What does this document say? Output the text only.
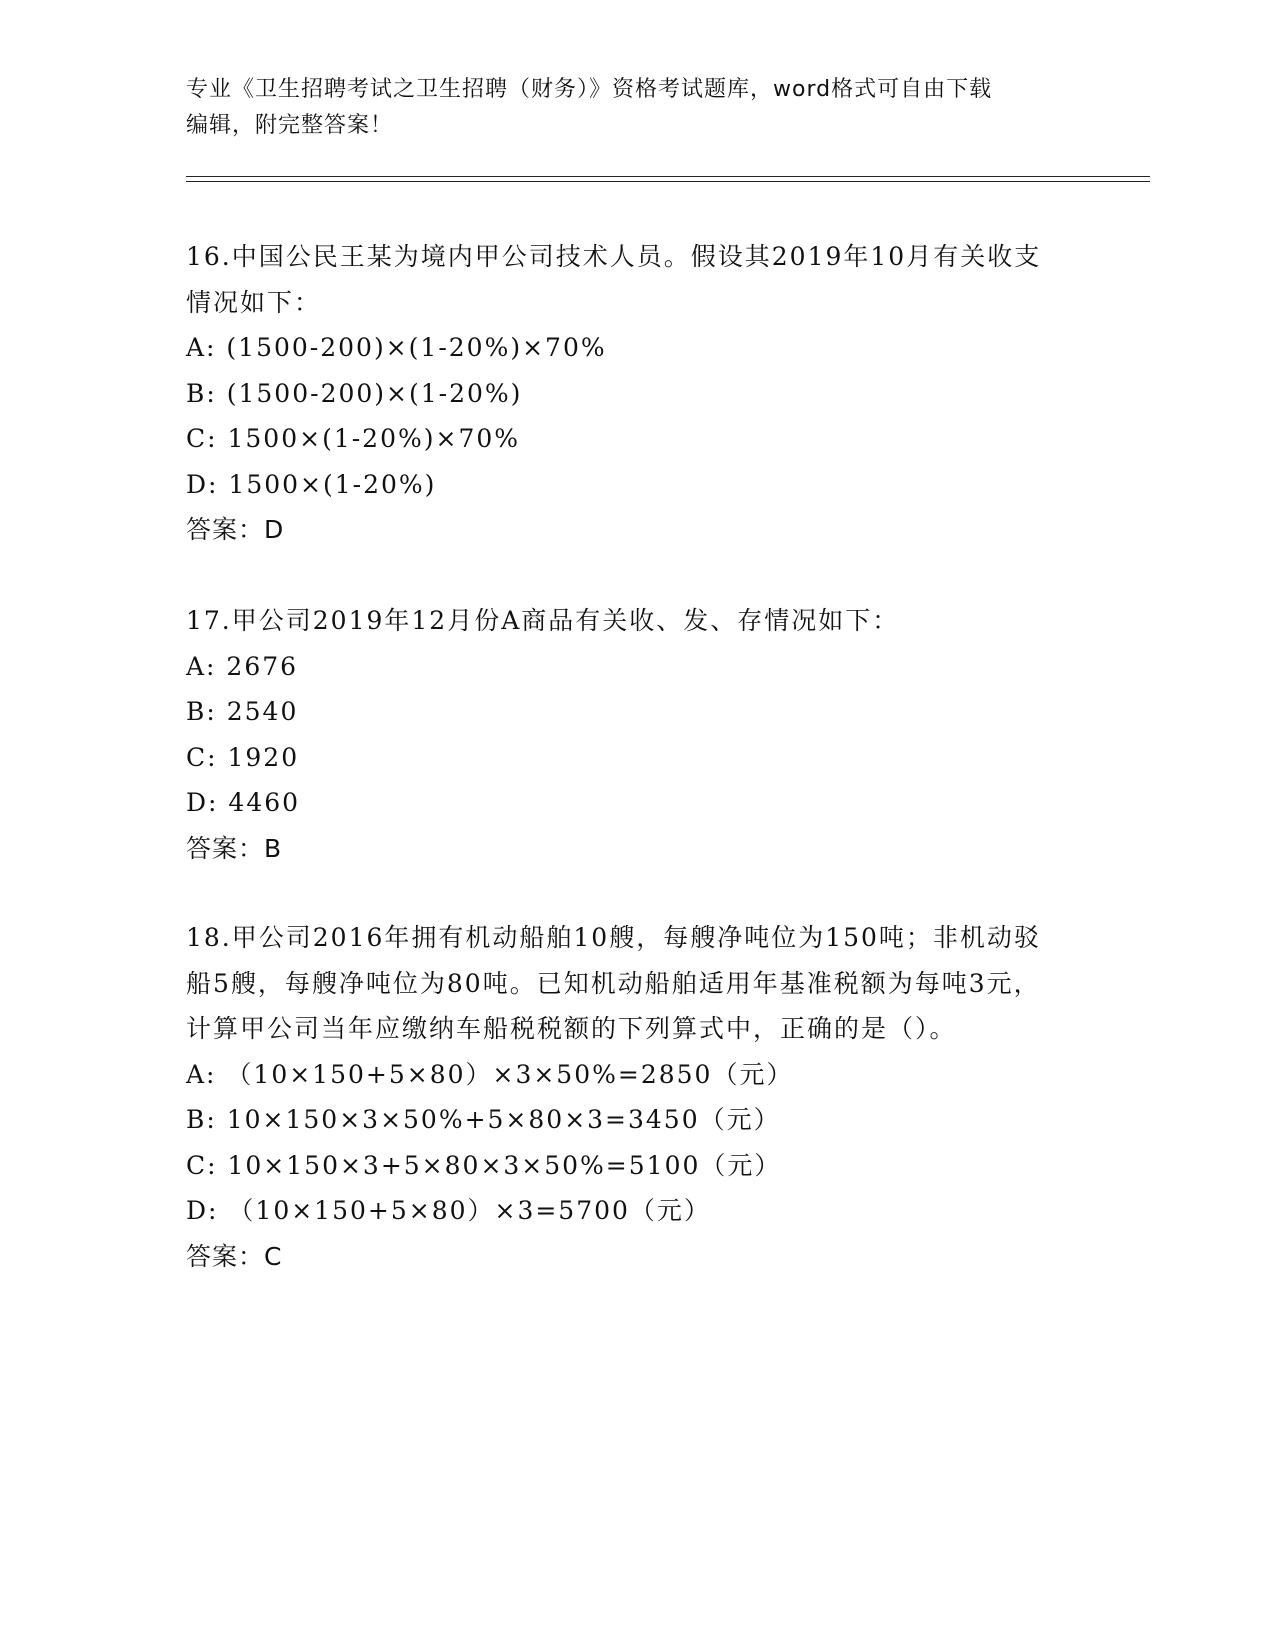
专业《卫生招聘考试之卫生招聘（财务）》资格考试题库，word格式可自由下载
编辑，附完整答案！

16.中国公民王某为境内甲公司技术人员。假设其2019年10月有关收支情况如下：

A: (1500-200)×(1-20%)×70%

B: (1500-200)×(1-20%)

C: 1500×(1-20%)×70%

D: 1500×(1-20%)

答案：D

17.甲公司2019年12月份A商品有关收、发、存情况如下：

A: 2676

B: 2540

C: 1920

D: 4460

答案：B

18.甲公司2016年拥有机动船舶10艘，每艘净吨位为150吨；非机动驳船5艘，每艘净吨位为80吨。已知机动船舶适用年基准税额为每吨3元，计算甲公司当年应缴纳车船税税额的下列算式中，正确的是（）。

A: （10×150+5×80）×3×50%=2850（元）

B: 10×150×3×50%+5×80×3=3450（元）

C: 10×150×3+5×80×3×50%=5100（元）

D: （10×150+5×80）×3=5700（元）

答案：C
